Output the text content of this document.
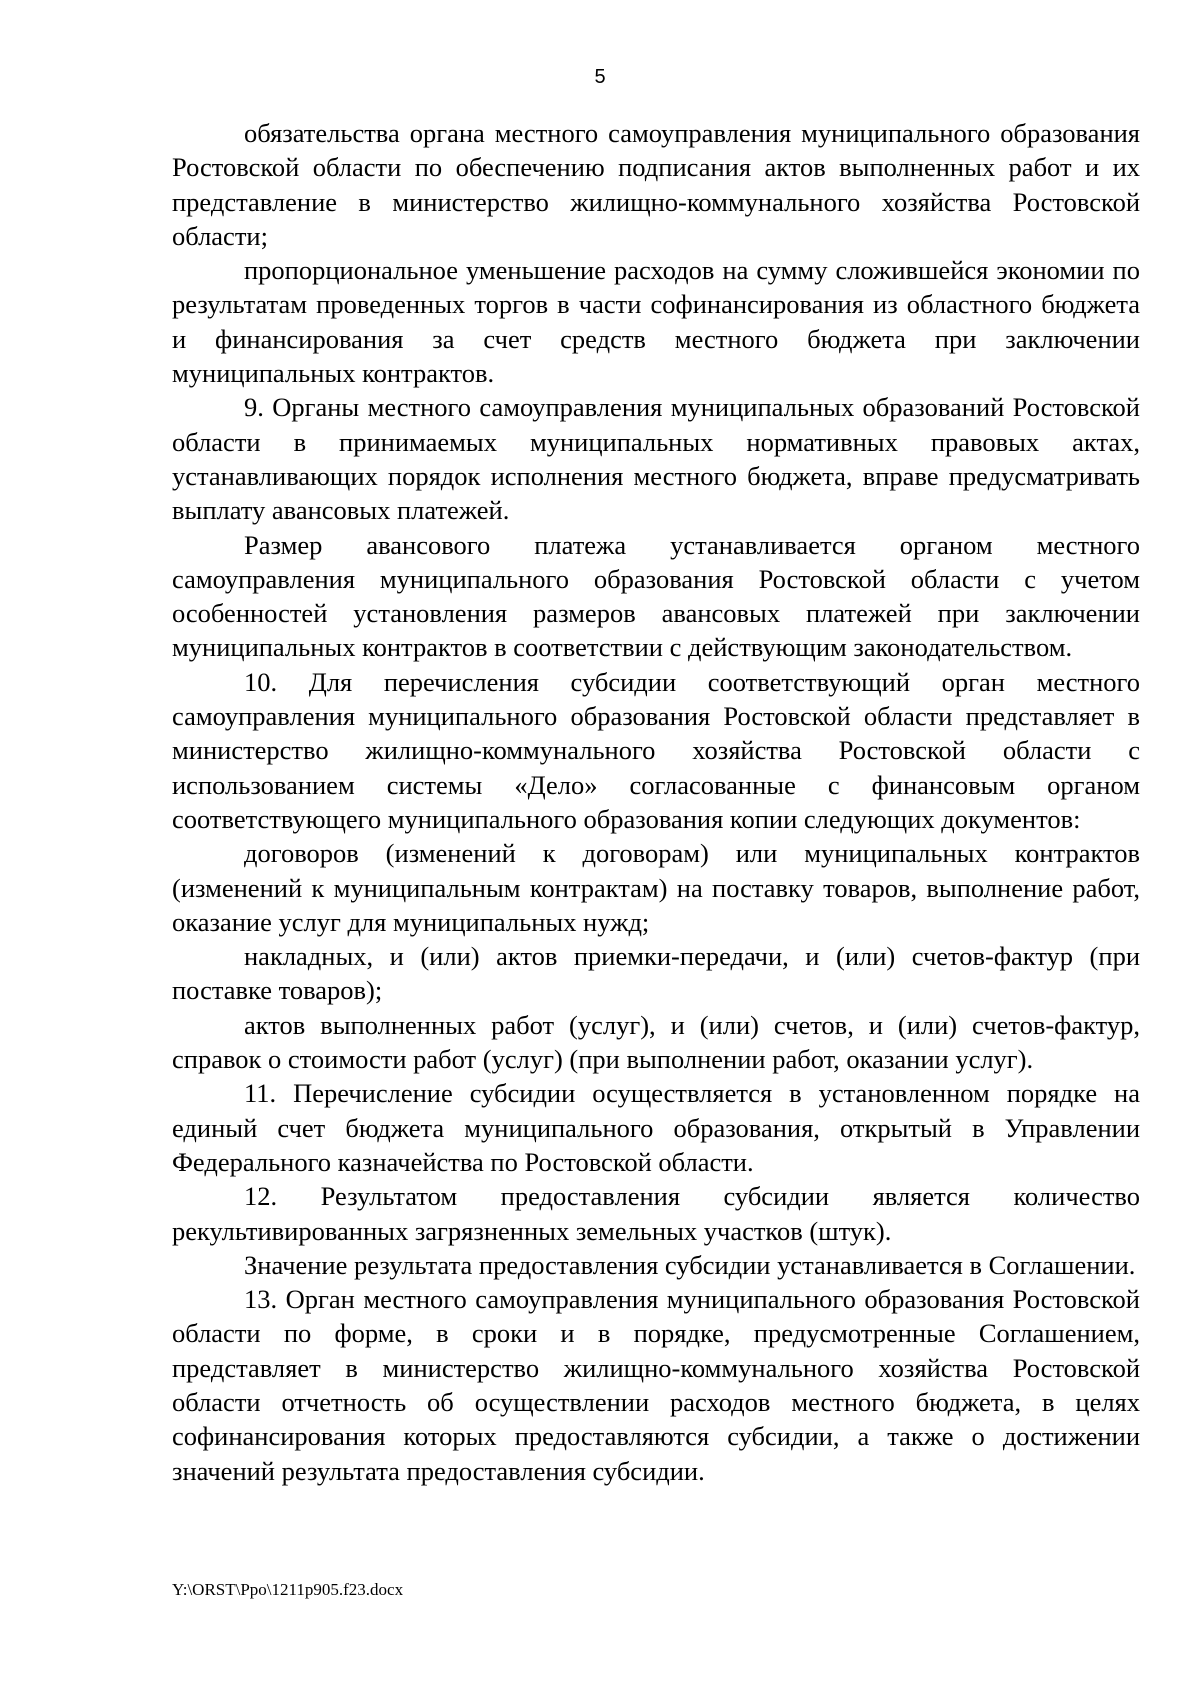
5

обязательства органа местного самоуправления муниципального образования Ростовской области по обеспечению подписания актов выполненных работ и их представление в министерство жилищно-коммунального хозяйства Ростовской области;

пропорциональное уменьшение расходов на сумму сложившейся экономии по результатам проведенных торгов в части софинансирования из областного бюджета и финансирования за счет средств местного бюджета при заключении муниципальных контрактов.

9. Органы местного самоуправления муниципальных образований Ростовской области в принимаемых муниципальных нормативных правовых актах, устанавливающих порядок исполнения местного бюджета, вправе предусматривать выплату авансовых платежей.

Размер авансового платежа устанавливается органом местного самоуправления муниципального образования Ростовской области с учетом особенностей установления размеров авансовых платежей при заключении муниципальных контрактов в соответствии с действующим законодательством.

10. Для перечисления субсидии соответствующий орган местного самоуправления муниципального образования Ростовской области представляет в министерство жилищно-коммунального хозяйства Ростовской области с использованием системы «Дело» согласованные с финансовым органом соответствующего муниципального образования копии следующих документов:

договоров (изменений к договорам) или муниципальных контрактов (изменений к муниципальным контрактам) на поставку товаров, выполнение работ, оказание услуг для муниципальных нужд;

накладных, и (или) актов приемки-передачи, и (или) счетов-фактур (при поставке товаров);

актов выполненных работ (услуг), и (или) счетов, и (или) счетов-фактур, справок о стоимости работ (услуг) (при выполнении работ, оказании услуг).

11. Перечисление субсидии осуществляется в установленном порядке на единый счет бюджета муниципального образования, открытый в Управлении Федерального казначейства по Ростовской области.

12. Результатом предоставления субсидии является количество рекультивированных загрязненных земельных участков (штук).

Значение результата предоставления субсидии устанавливается в Соглашении.

13. Орган местного самоуправления муниципального образования Ростовской области по форме, в сроки и в порядке, предусмотренные Соглашением, представляет в министерство жилищно-коммунального хозяйства Ростовской области отчетность об осуществлении расходов местного бюджета, в целях софинансирования которых предоставляются субсидии, а также о достижении значений результата предоставления субсидии.

Y:\ORST\Ppo\1211p905.f23.docx
